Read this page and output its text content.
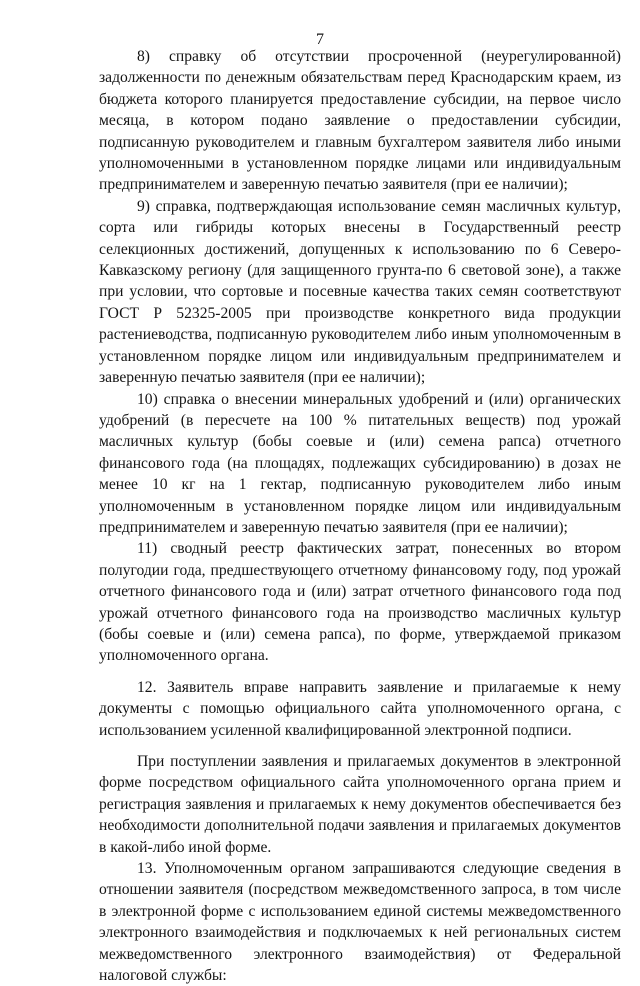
7

8) справку об отсутствии просроченной (неурегулированной) задолженности по денежным обязательствам перед Краснодарским краем, из бюджета которого планируется предоставление субсидии, на первое число месяца, в котором подано заявление о предоставлении субсидии, подписанную руководителем и главным бухгалтером заявителя либо иными уполномоченными в установленном порядке лицами или индивидуальным предпринимателем и заверенную печатью заявителя (при ее наличии);

9) справка, подтверждающая использование семян масличных культур, сорта или гибриды которых внесены в Государственный реестр селекционных достижений, допущенных к использованию по 6 Северо-Кавказскому региону (для защищенного грунта-по 6 световой зоне), а также при условии, что сортовые и посевные качества таких семян соответствуют ГОСТ Р 52325-2005 при производстве конкретного вида продукции растениеводства, подписанную руководителем либо иным уполномоченным в установленном порядке лицом или индивидуальным предпринимателем и заверенную печатью заявителя (при ее наличии);

10) справка о внесении минеральных удобрений и (или) органических удобрений (в пересчете на 100 % питательных веществ) под урожай масличных культур (бобы соевые и (или) семена рапса) отчетного финансового года (на площадях, подлежащих субсидированию) в дозах не менее 10 кг на 1 гектар, подписанную руководителем либо иным уполномоченным в установленном порядке лицом или индивидуальным предпринимателем и заверенную печатью заявителя (при ее наличии);

11) сводный реестр фактических затрат, понесенных во втором полугодии года, предшествующего отчетному финансовому году, под урожай отчетного финансового года и (или) затрат отчетного финансового года под урожай отчетного финансового года на производство масличных культур (бобы соевые и (или) семена рапса), по форме, утверждаемой приказом уполномоченного органа.

12. Заявитель вправе направить заявление и прилагаемые к нему документы с помощью официального сайта уполномоченного органа, с использованием усиленной квалифицированной электронной подписи.

При поступлении заявления и прилагаемых документов в электронной форме посредством официального сайта уполномоченного органа прием и регистрация заявления и прилагаемых к нему документов обеспечивается без необходимости дополнительной подачи заявления и прилагаемых документов в какой-либо иной форме.

13. Уполномоченным органом запрашиваются следующие сведения в отношении заявителя (посредством межведомственного запроса, в том числе в электронной форме с использованием единой системы межведомственного электронного взаимодействия и подключаемых к ней региональных систем межведомственного электронного взаимодействия) от Федеральной налоговой службы:
